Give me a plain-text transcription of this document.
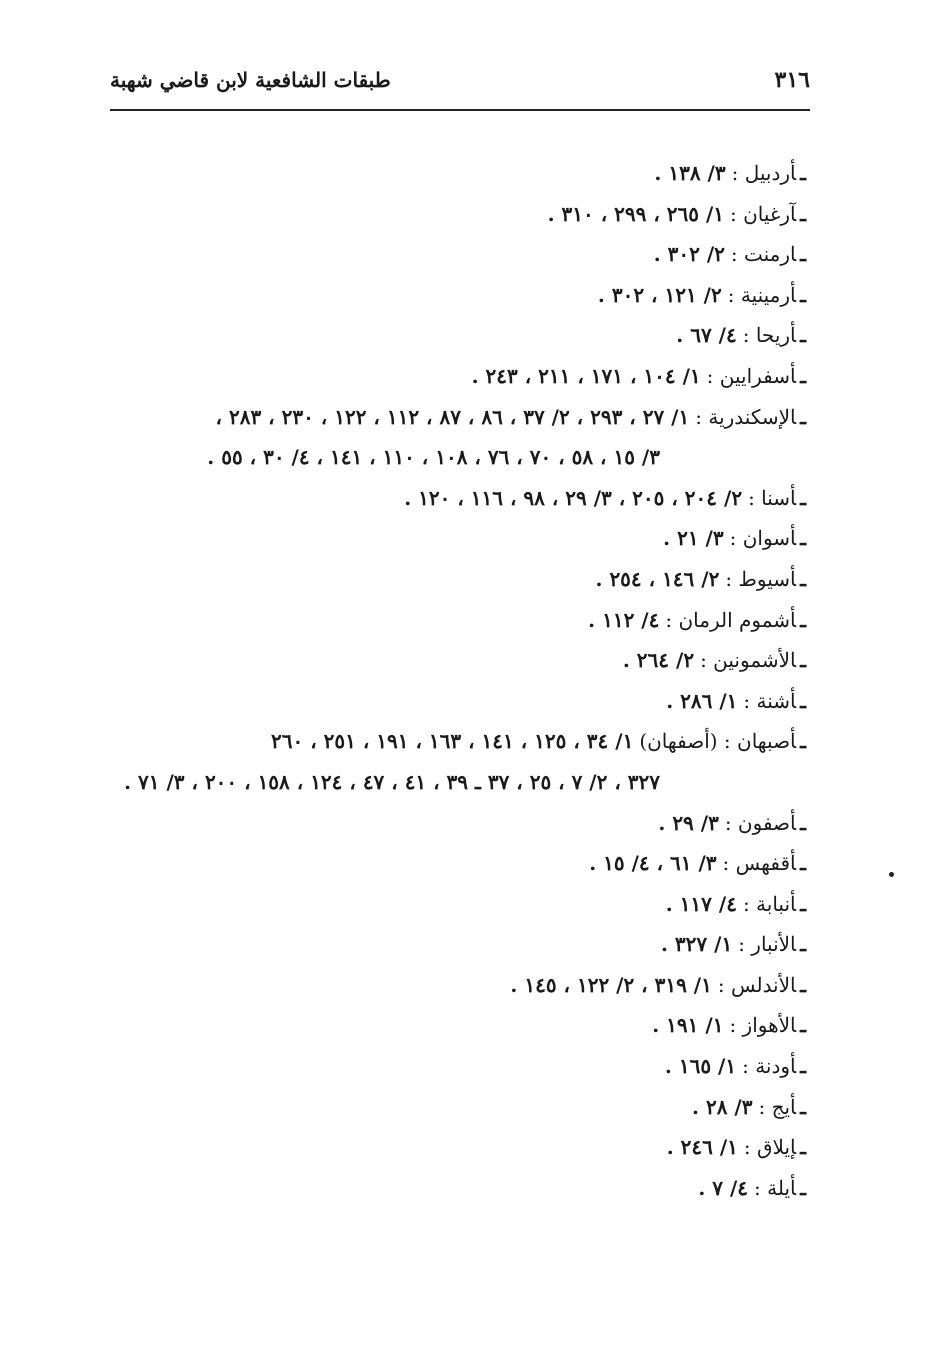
٣١٦
طبقات الشافعية لابن قاضي شهبة
ـأردبيل :٣/ ١٣٨ .
ـآرغيان :١/ ٢٦٥ ، ٢٩٩ ، ٣١٠ .
ـارمنت :٢/ ٣٠٢ .
ـأرمينية :٢/ ١٢١ ، ٣٠٢ .
ـأريحا :٤/ ٦٧ .
ـأسفرايين :١/ ١٠٤ ، ١٧١ ، ٢١١ ، ٢٤٣ .
ـالإسكندرية :١/ ٢٧ ، ٢٩٣ ، ٢/ ٣٧ ، ٨٦ ، ٨٧ ، ١١٢ ، ١٢٢ ، ٢٣٠ ، ٢٨٣ ،
٣/ ١٥ ، ٥٨ ، ٧٠ ، ٧٦ ، ١٠٨ ، ١١٠ ، ١٤١ ، ٤/ ٣٠ ، ٥٥ .
ـأسنا :٢/ ٢٠٤ ، ٢٠٥ ، ٣/ ٢٩ ، ٩٨ ، ١١٦ ، ١٢٠ .
ـأسوان :٣/ ٢١ .
ـأسيوط :٢/ ١٤٦ ، ٢٥٤ .
ـأشموم الرمان :٤/ ١١٢ .
ـالأشمونين :٢/ ٢٦٤ .
ـأشنة :١/ ٢٨٦ .
ـأصبهان : (أصفهان)١/ ٣٤ ، ١٢٥ ، ١٤١ ، ١٦٣ ، ١٩١ ، ٢٥١ ، ٢٦٠
٣٢٧ ، ٢/ ٧ ، ٢٥ ، ٣٧ ـ ٣٩ ، ٤١ ، ٤٧ ، ١٢٤ ، ١٥٨ ، ٢٠٠ ، ٣/ ٧١ .
ـأصفون :٣/ ٢٩ .
ـأقفهس :٣/ ٦١ ، ٤/ ١٥ .
ـأنبابة :٤/ ١١٧ .
ـالأنبار :١/ ٣٢٧ .
ـالأندلس :١/ ٣١٩ ، ٢/ ١٢٢ ، ١٤٥ .
ـالأهواز :١/ ١٩١ .
ـأودنة :١/ ١٦٥ .
ـأيج :٣/ ٢٨ .
ـإيلاق :١/ ٢٤٦ .
ـأيلة :٤/ ٧ .
